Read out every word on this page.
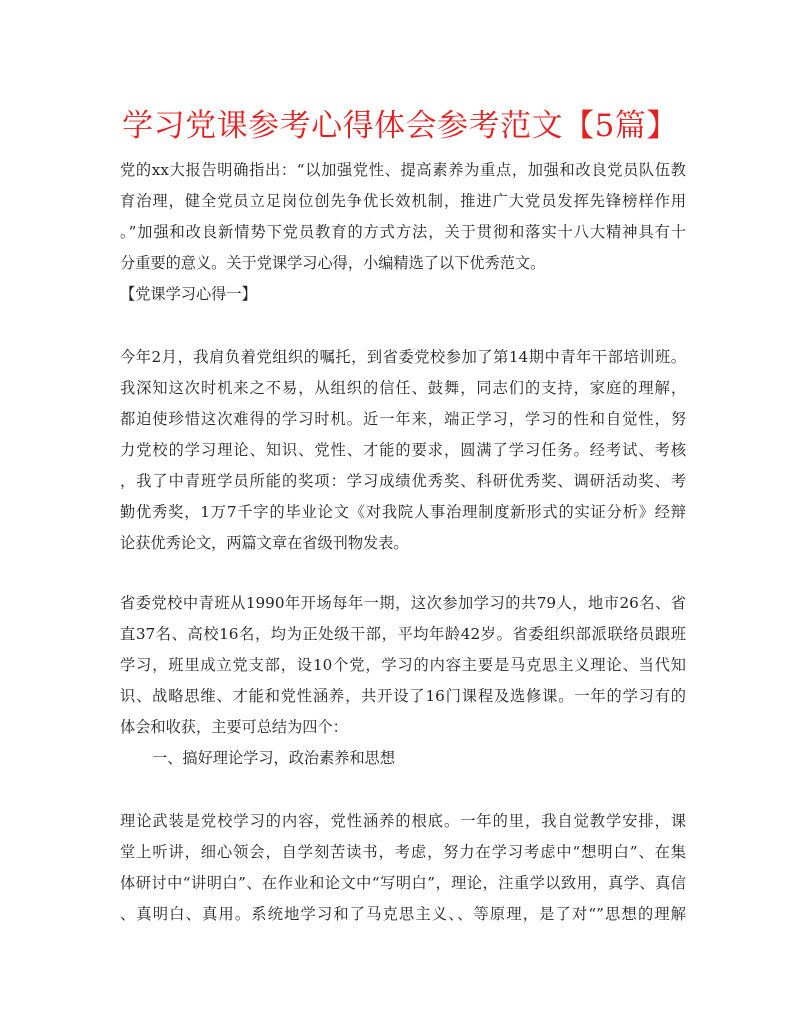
学习党课参考心得体会参考范文【5篇】
党的xx大报告明确指出：“以加强党性、提高素养为重点，加强和改良党员队伍教
育治理，健全党员立足岗位创先争优长效机制，推进广大党员发挥先锋榜样作用
。”加强和改良新情势下党员教育的方式方法，关于贯彻和落实十八大精神具有十
分重要的意义。关于党课学习心得，小编精选了以下优秀范文。
【党课学习心得一】
今年2月，我肩负着党组织的嘱托，到省委党校参加了第14期中青年干部培训班。
我深知这次时机来之不易，从组织的信任、鼓舞，同志们的支持，家庭的理解，
都迫使珍惜这次难得的学习时机。近一年来，端正学习，学习的性和自觉性，努
力党校的学习理论、知识、党性、才能的要求，圆满了学习任务。经考试、考核
，我了中青班学员所能的奖项：学习成绩优秀奖、科研优秀奖、调研活动奖、考
勤优秀奖，1万7千字的毕业论文《对我院人事治理制度新形式的实证分析》经辩
论获优秀论文，两篇文章在省级刊物发表。
省委党校中青班从1990年开场每年一期，这次参加学习的共79人，地市26名、省
直37名、高校16名，均为正处级干部，平均年龄42岁。省委组织部派联络员跟班
学习，班里成立党支部，设10个党，学习的内容主要是马克思主义理论、当代知
识、战略思维、才能和党性涵养，共开设了16门课程及选修课。一年的学习有的
体会和收获，主要可总结为四个：
一、搞好理论学习，政治素养和思想
理论武装是党校学习的内容，党性涵养的根底。一年的里，我自觉教学安排，课
堂上听讲，细心领会，自学刻苦读书，考虑，努力在学习考虑中“想明白”、在集
体研讨中“讲明白”、在作业和论文中“写明白”，理论，注重学以致用，真学、真信
、真明白、真用。系统地学习和了马克思主义、、等原理，是了对“”思想的理解
